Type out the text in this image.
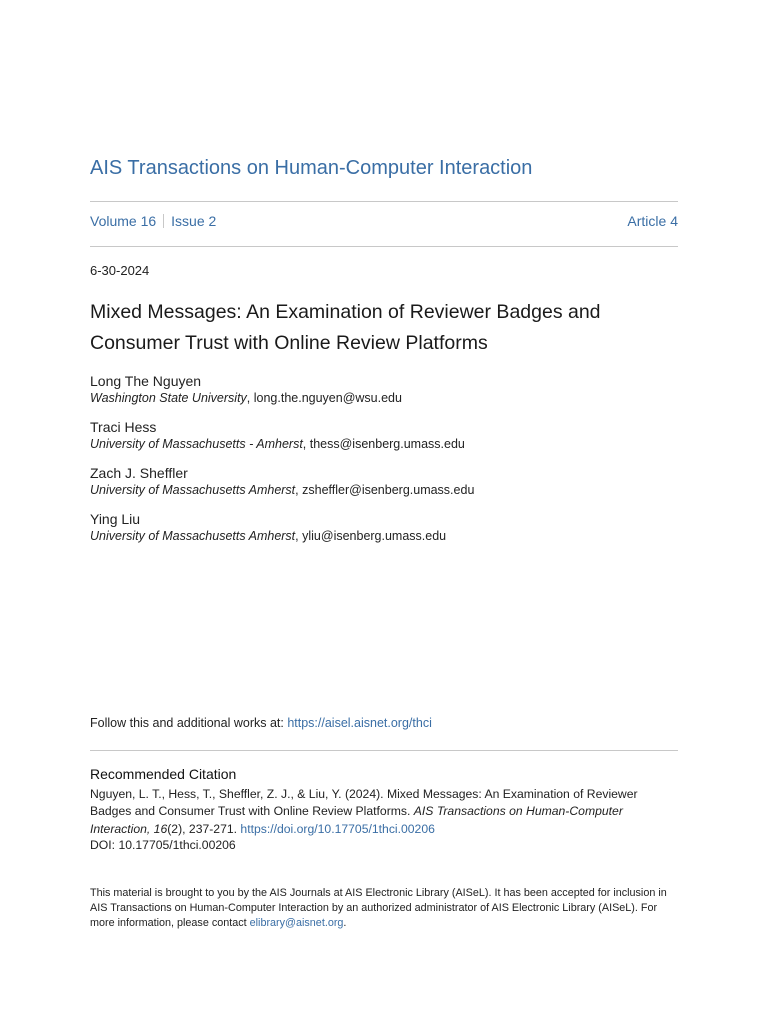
AIS Transactions on Human-Computer Interaction
Volume 16 Issue 2	Article 4
6-30-2024
Mixed Messages: An Examination of Reviewer Badges and
Consumer Trust with Online Review Platforms
Long The Nguyen
Washington State University, long.the.nguyen@wsu.edu
Traci Hess
University of Massachusetts - Amherst, thess@isenberg.umass.edu
Zach J. Sheffler
University of Massachusetts Amherst, zsheffler@isenberg.umass.edu
Ying Liu
University of Massachusetts Amherst, yliu@isenberg.umass.edu
Follow this and additional works at: https://aisel.aisnet.org/thci
Recommended Citation
Nguyen, L. T., Hess, T., Sheffler, Z. J., & Liu, Y. (2024). Mixed Messages: An Examination of Reviewer Badges and Consumer Trust with Online Review Platforms. AIS Transactions on Human-Computer Interaction, 16(2), 237-271. https://doi.org/10.17705/1thci.00206
DOI: 10.17705/1thci.00206
This material is brought to you by the AIS Journals at AIS Electronic Library (AISeL). It has been accepted for inclusion in AIS Transactions on Human-Computer Interaction by an authorized administrator of AIS Electronic Library (AISeL). For more information, please contact elibrary@aisnet.org.
